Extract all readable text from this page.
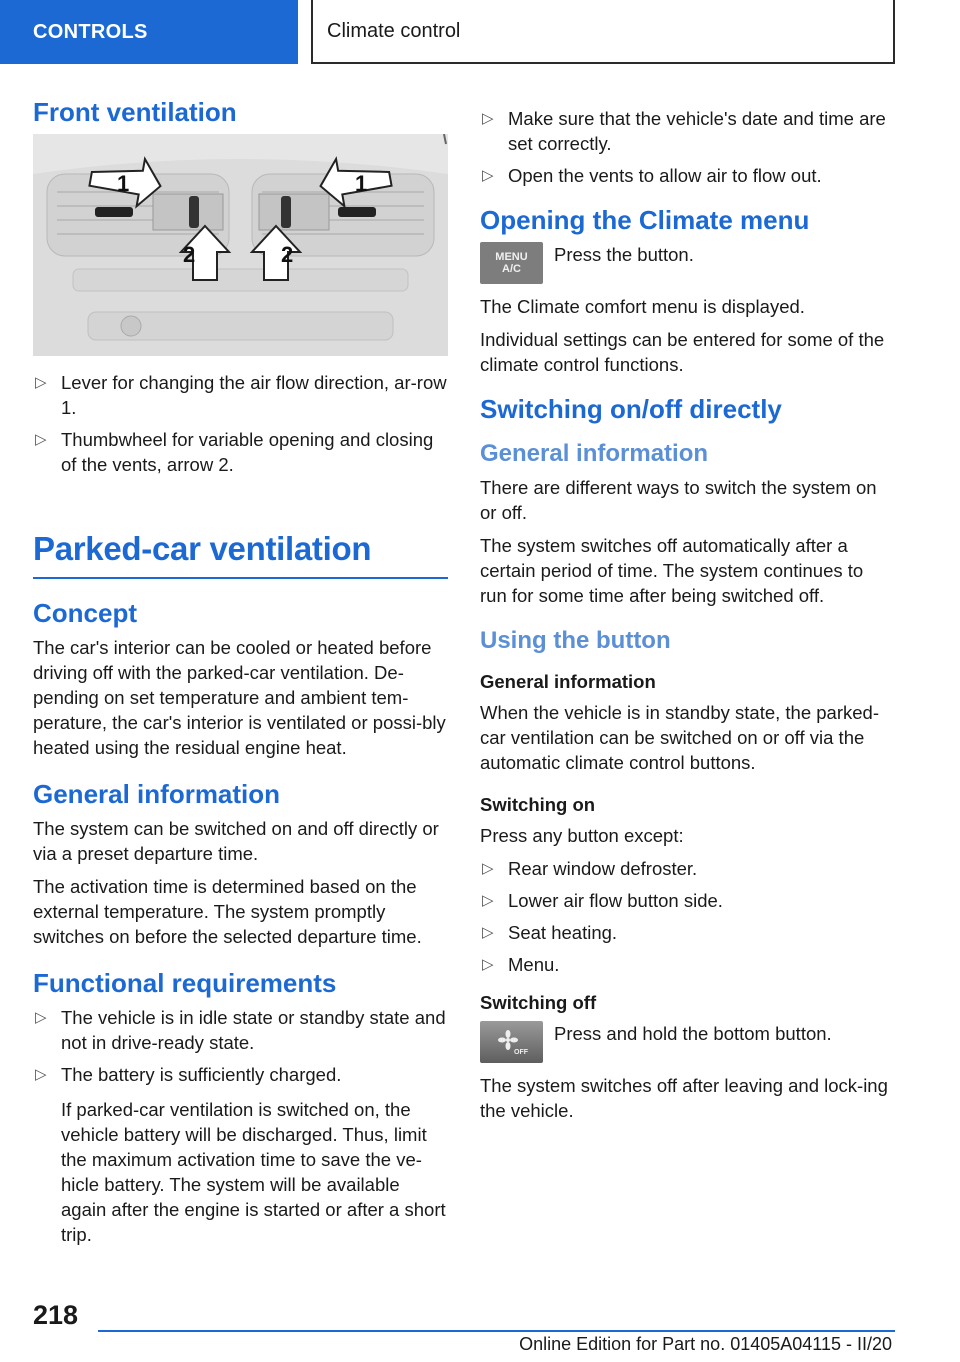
CONTROLS	Climate control
Front ventilation
1	1
2	2
▷ Lever for changing the air flow direction, ar‐row 1.
▷ Thumbwheel for variable opening and closing of the vents, arrow 2.
Parked-car ventilation
Concept

The car's interior can be cooled or heated before driving off with the parked-car ventilation. De‐pending on set temperature and ambient tem‐perature, the car's interior is ventilated or possi‐bly heated using the residual engine heat.

General information

The system can be switched on and off directly or via a preset departure time.

The activation time is determined based on the external temperature. The system promptly switches on before the selected departure time.

Functional requirements
▷ The vehicle is in idle state or standby state and not in drive-ready state.
▷ The battery is sufficiently charged.

If parked-car ventilation is switched on, the vehicle battery will be discharged. Thus, limit the maximum activation time to save the ve‐hicle battery. The system will be available again after the engine is started or after a short trip.

▷ Make sure that the vehicle's date and time are set correctly.
▷ Open the vents to allow air to flow out.
Opening the Climate menu
MENU
A/C
Press the button.

The Climate comfort menu is displayed.

Individual settings can be entered for some of the climate control functions.

Switching on/off directly
General information

There are different ways to switch the system on or off.

The system switches off automatically after a certain period of time. The system continues to run for some time after being switched off.

Using the button
General information

When the vehicle is in standby state, the parked-car ventilation can be switched on or off via the automatic climate control buttons.

Switching on

Press any button except:

▷ Rear window defroster.
▷ Lower air flow button side.
▷ Seat heating.
▷ Menu.
Switching off
OFF
Press and hold the bottom button.

The system switches off after leaving and lock‐ing the vehicle.

218
Online Edition for Part no. 01405A04115 - II/20
